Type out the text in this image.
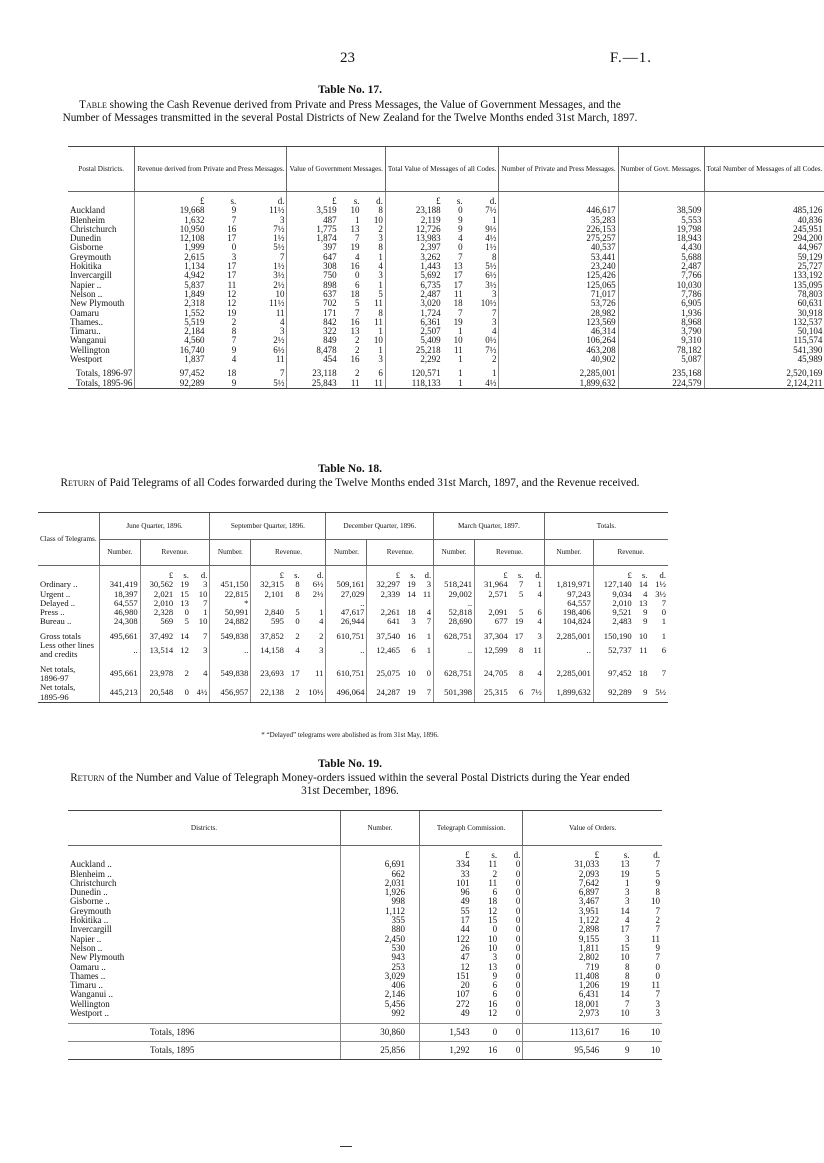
23	F.—1.
Table No. 17.
Table showing the Cash Revenue derived from Private and Press Messages, the Value of Government Messages, and the Number of Messages transmitted in the several Postal Districts of New Zealand for the Twelve Months ended 31st March, 1897.
Postal Districts.	Revenue derived from Private and Press Messages.			Value of Government Messages.			Total Value of Messages of all Codes.			Number of Private and Press Messages.	Number of Govt. Messages.	Total Number of Messages of all Codes.

	£	s.	d.	£	s.	d.	£	s.	d.			
Auckland	19,668	9	11½	3,519	10	8	23,188	0	7½	446,617	38,509	485,126
Blenheim	1,632	7	3	487	1	10	2,119	9	1	35,283	5,553	40,836
Christchurch	10,950	16	7½	1,775	13	2	12,726	9	9½	226,153	19,798	245,951
Dunedin	12,108	17	1½	1,874	7	3	13,983	4	4½	275,257	18,943	294,200
Gisborne	1,999	0	5½	397	19	8	2,397	0	1½	40,537	4,430	44,967
Greymouth	2,615	3	7	647	4	1	3,262	7	8	53,441	5,688	59,129
Hokitika	1,134	17	1½	308	16	4	1,443	13	5½	23,240	2,487	25,727
Invercargill	4,942	17	3½	750	0	3	5,692	17	6½	125,426	7,766	133,192
Napier ..	5,837	11	2½	898	6	1	6,735	17	3½	125,065	10,030	135,095
Nelson ..	1,849	12	10	637	18	5	2,487	11	3	71,017	7,786	78,803
New Plymouth	2,318	12	11½	702	5	11	3,020	18	10½	53,726	6,905	60,631
Oamaru	1,552	19	11	171	7	8	1,724	7	7	28,982	1,936	30,918
Thames..	5,519	2	4	842	16	11	6,361	19	3	123,569	8,968	132,537
Timaru..	2,184	8	3	322	13	1	2,507	1	4	46,314	3,790	50,104
Wanganui	4,560	7	2½	849	2	10	5,409	10	0½	106,264	9,310	115,574
Wellington	16,740	9	6½	8,478	2	1	25,218	11	7½	463,208	78,182	541,390
Westport	1,837	4	11	454	16	3	2,292	1	2	40,902	5,087	45,989

Totals, 1896-97	97,452	18	7	23,118	2	6	120,571	1	1	2,285,001	235,168	2,520,169
Totals, 1895-96	92,289	9	5½	25,843	11	11	118,133	1	4½	1,899,632	224,579	2,124,211
Table No. 18.
Return of Paid Telegrams of all Codes forwarded during the Twelve Months ended 31st March, 1897, and the Revenue received.
Class of Telegrams.	June Quarter, 1896.				September Quarter, 1896.				December Quarter, 1896.				March Quarter, 1897.				Totals.			
	Number.	Revenue.			Number.	Revenue.			Number.	Revenue.			Number.	Revenue.			Number.	Revenue.		

		£	s.	d.		£	s.	d.		£	s.	d.		£	s.	d.		£	s.	d.
Ordinary ..	341,419	30,562	19	3	451,150	32,315	8	6½	509,161	32,297	19	3	518,241	31,964	7	1	1,819,971	127,140	14	1½
Urgent ..	18,397	2,021	15	10	22,815	2,101	8	2½	27,029	2,339	14	11	29,002	2,571	5	4	97,243	9,034	4	3½
Delayed ..	64,557	2,010	13	7	*				..				..				64,557	2,010	13	7
Press ..	46,980	2,328	0	1	50,991	2,840	5	1	47,617	2,261	18	4	52,818	2,091	5	6	198,406	9,521	9	0
Bureau ..	24,308	569	5	10	24,882	595	0	4	26,944	641	3	7	28,690	677	19	4	104,824	2,483	9	1

Gross totals	495,661	37,492	14	7	549,838	37,852	2	2	610,751	37,540	16	1	628,751	37,304	17	3	2,285,001	150,190	10	1
Less other lines and credits	..	13,514	12	3	..	14,158	4	3	..	12,465	6	1	..	12,599	8	11	..	52,737	11	6

Net totals, 1896-97	495,661	23,978	2	4	549,838	23,693	17	11	610,751	25,075	10	0	628,751	24,705	8	4	2,285,001	97,452	18	7
Net totals, 1895-96	445,213	20,548	0	4½	456,957	22,138	2	10½	496,064	24,287	19	7	501,398	25,315	6	7½	1,899,632	92,289	9	5½
* “Delayed” telegrams were abolished as from 31st May, 1896.
Table No. 19.
Return of the Number and Value of Telegraph Money-orders issued within the several Postal Districts during the Year ended 31st December, 1896.
Districts.	Number.	Telegraph Commission.			Value of Orders.		

		£	s.	d.	£	s.	d.
Auckland ..	6,691	334	11	0	31,033	13	7
Blenheim ..	662	33	2	0	2,093	19	5
Christchurch	2,031	101	11	0	7,642	1	9
Dunedin ..	1,926	96	6	0	6,897	3	8
Gisborne ..	998	49	18	0	3,467	3	10
Greymouth	1,112	55	12	0	3,951	14	7
Hokitika ..	355	17	15	0	1,122	4	2
Invercargill	880	44	0	0	2,898	17	7
Napier ..	2,450	122	10	0	9,155	3	11
Nelson ..	530	26	10	0	1,811	15	9
New Plymouth	943	47	3	0	2,802	10	7
Oamaru ..	253	12	13	0	719	8	0
Thames ..	3,029	151	9	0	11,408	8	0
Timaru ..	406	20	6	0	1,206	19	11
Wanganui ..	2,146	107	6	0	6,431	14	7
Wellington	5,456	272	16	0	18,001	7	3
Westport ..	992	49	12	0	2,973	10	3

Totals, 1896	30,860	1,543	0	0	113,617	16	10
Totals, 1895	25,856	1,292	16	0	95,546	9	10
